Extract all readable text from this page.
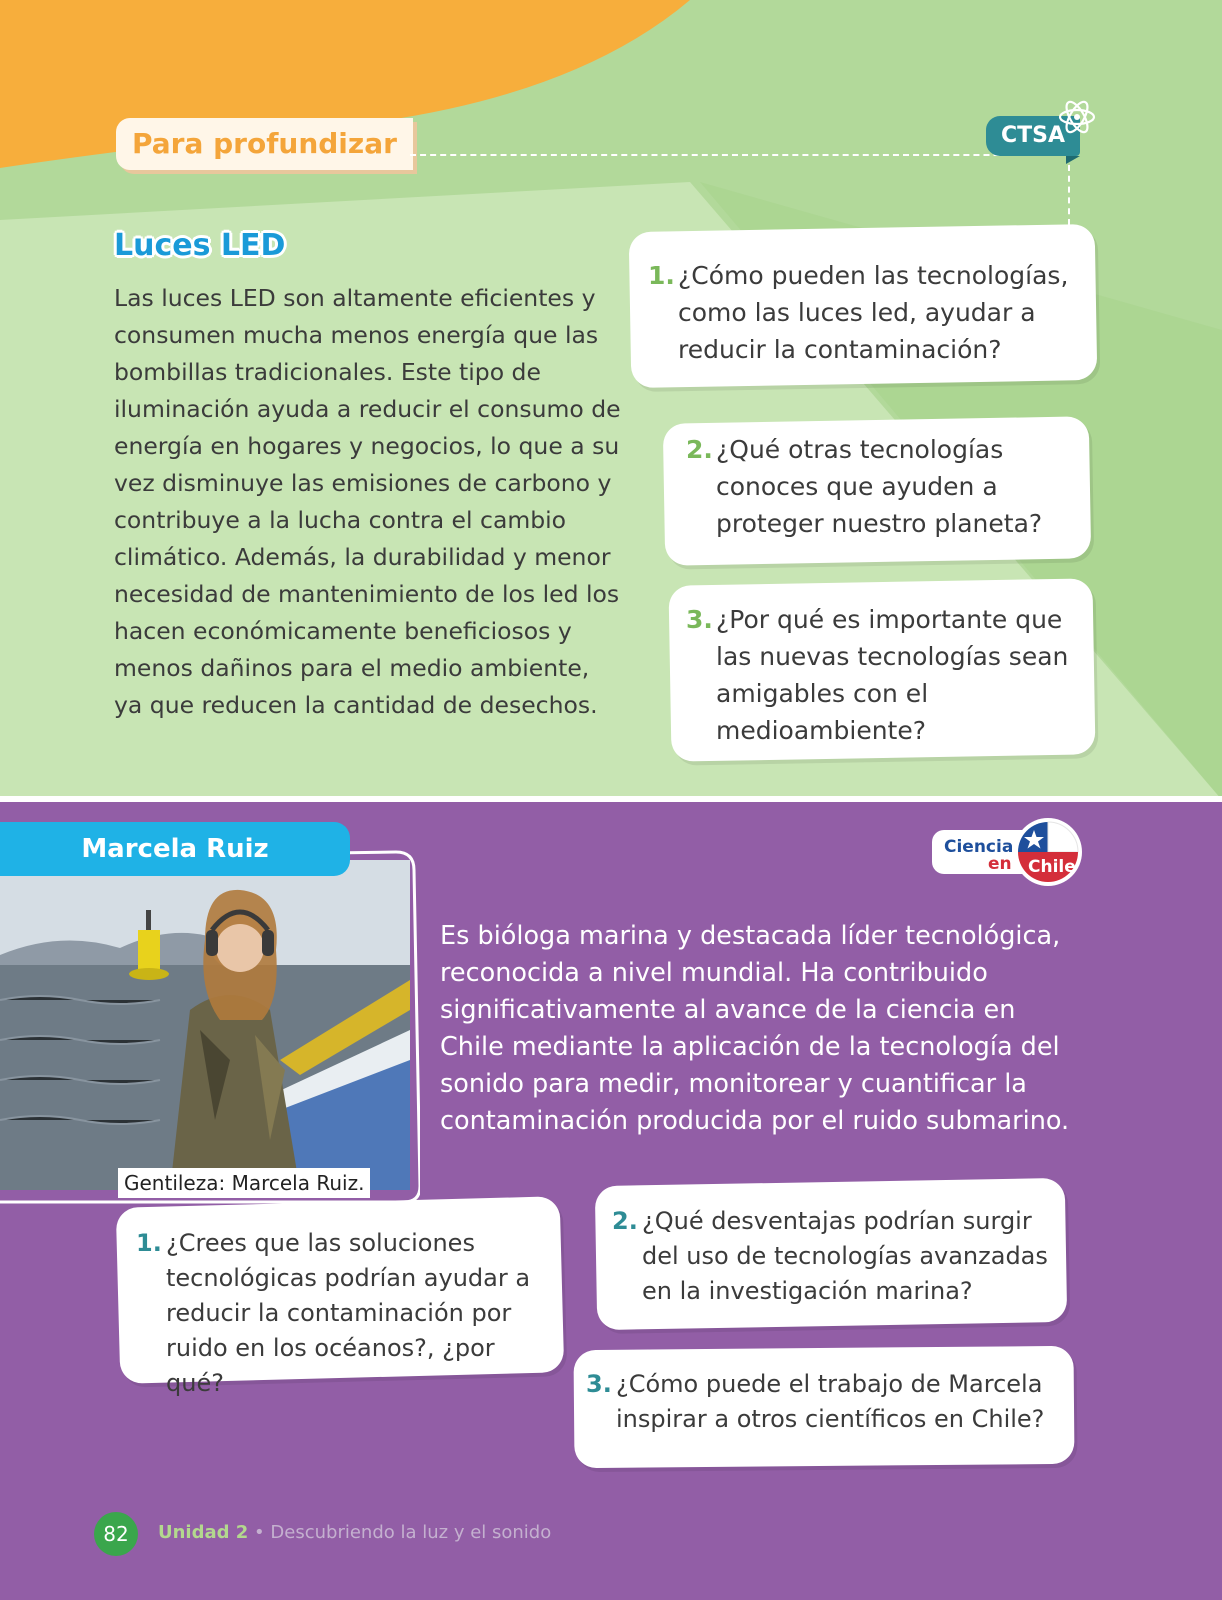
Para profundizar	CTSA
Luces LED
Las luces LED son altamente eficientes y consumen mucha menos energía que las bombillas tradicionales. Este tipo de iluminación ayuda a reducir el consumo de energía en hogares y negocios, lo que a su vez disminuye las emisiones de carbono y contribuye a la lucha contra el cambio climático. Además, la durabilidad y menor necesidad de mantenimiento de los led los hacen económicamente beneficiosos y menos dañinos para el medio ambiente, ya que reducen la cantidad de desechos.
1. ¿Cómo pueden las tecnologías, como las luces led, ayudar a reducir la contaminación?
2. ¿Qué otras tecnologías conoces que ayuden a proteger nuestro planeta?
3. ¿Por qué es importante que las nuevas tecnologías sean amigables con el medioambiente?
Gentileza: Marcela Ruiz.
Marcela Ruiz	Ciencia
en Chile
Es bióloga marina y destacada líder tecnológica, reconocida a nivel mundial. Ha contribuido significativamente al avance de la ciencia en Chile mediante la aplicación de la tecnología del sonido para medir, monitorear y cuantificar la contaminación producida por el ruido submarino.
1. ¿Crees que las soluciones tecnológicas podrían ayudar a reducir la contaminación por ruido en los océanos?, ¿por qué?
2. ¿Qué desventajas podrían surgir del uso de tecnologías avanzadas en la investigación marina?
3. ¿Cómo puede el trabajo de Marcela inspirar a otros científicos en Chile?
82	Unidad 2 • Descubriendo la luz y el sonido
